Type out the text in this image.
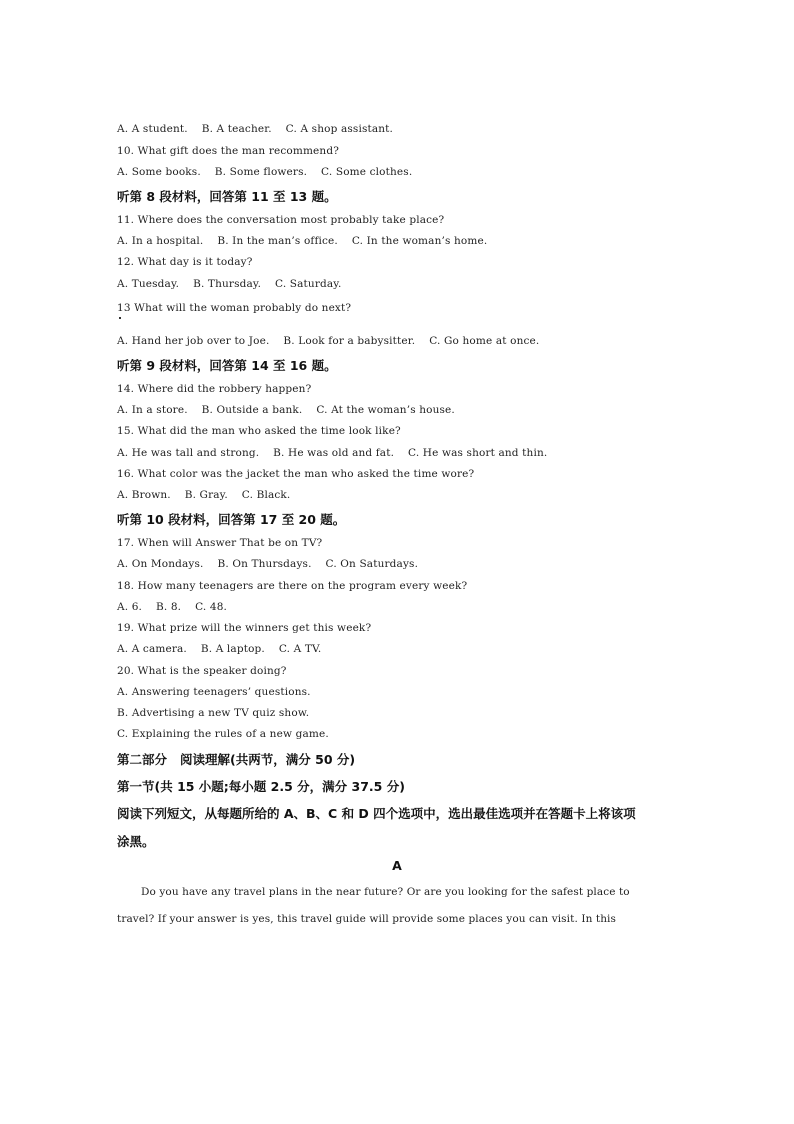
A. A student.    B. A teacher.    C. A shop assistant.
10. What gift does the man recommend?
A. Some books.    B. Some flowers.    C. Some clothes.
听第 8 段材料，回答第 11 至 13 题。
11. Where does the conversation most probably take place?
A. In a hospital.    B. In the man’s office.    C. In the woman’s home.
12. What day is it today?
A. Tuesday.    B. Thursday.    C. Saturday.
13 What will the woman probably do next?
A. Hand her job over to Joe.    B. Look for a babysitter.    C. Go home at once.
听第 9 段材料，回答第 14 至 16 题。
14. Where did the robbery happen?
A. In a store.    B. Outside a bank.    C. At the woman’s house.
15. What did the man who asked the time look like?
A. He was tall and strong.    B. He was old and fat.    C. He was short and thin.
16. What color was the jacket the man who asked the time wore?
A. Brown.    B. Gray.    C. Black.
听第 10 段材料，回答第 17 至 20 题。
17. When will Answer That be on TV?
A. On Mondays.    B. On Thursdays.    C. On Saturdays.
18. How many teenagers are there on the program every week?
A. 6.    B. 8.    C. 48.
19. What prize will the winners get this week?
A. A camera.    B. A laptop.    C. A TV.
20. What is the speaker doing?
A. Answering teenagers’ questions.
B. Advertising a new TV quiz show.
C. Explaining the rules of a new game.
第二部分   阅读理解(共两节，满分 50 分)
第一节(共 15 小题;每小题 2.5 分，满分 37.5 分)
阅读下列短文，从每题所给的 A、B、C 和 D 四个选项中，选出最佳选项并在答题卡上将该项
涂黑。
A
Do you have any travel plans in the near future? Or are you looking for the safest place to
travel? If your answer is yes, this travel guide will provide some places you can visit. In this
